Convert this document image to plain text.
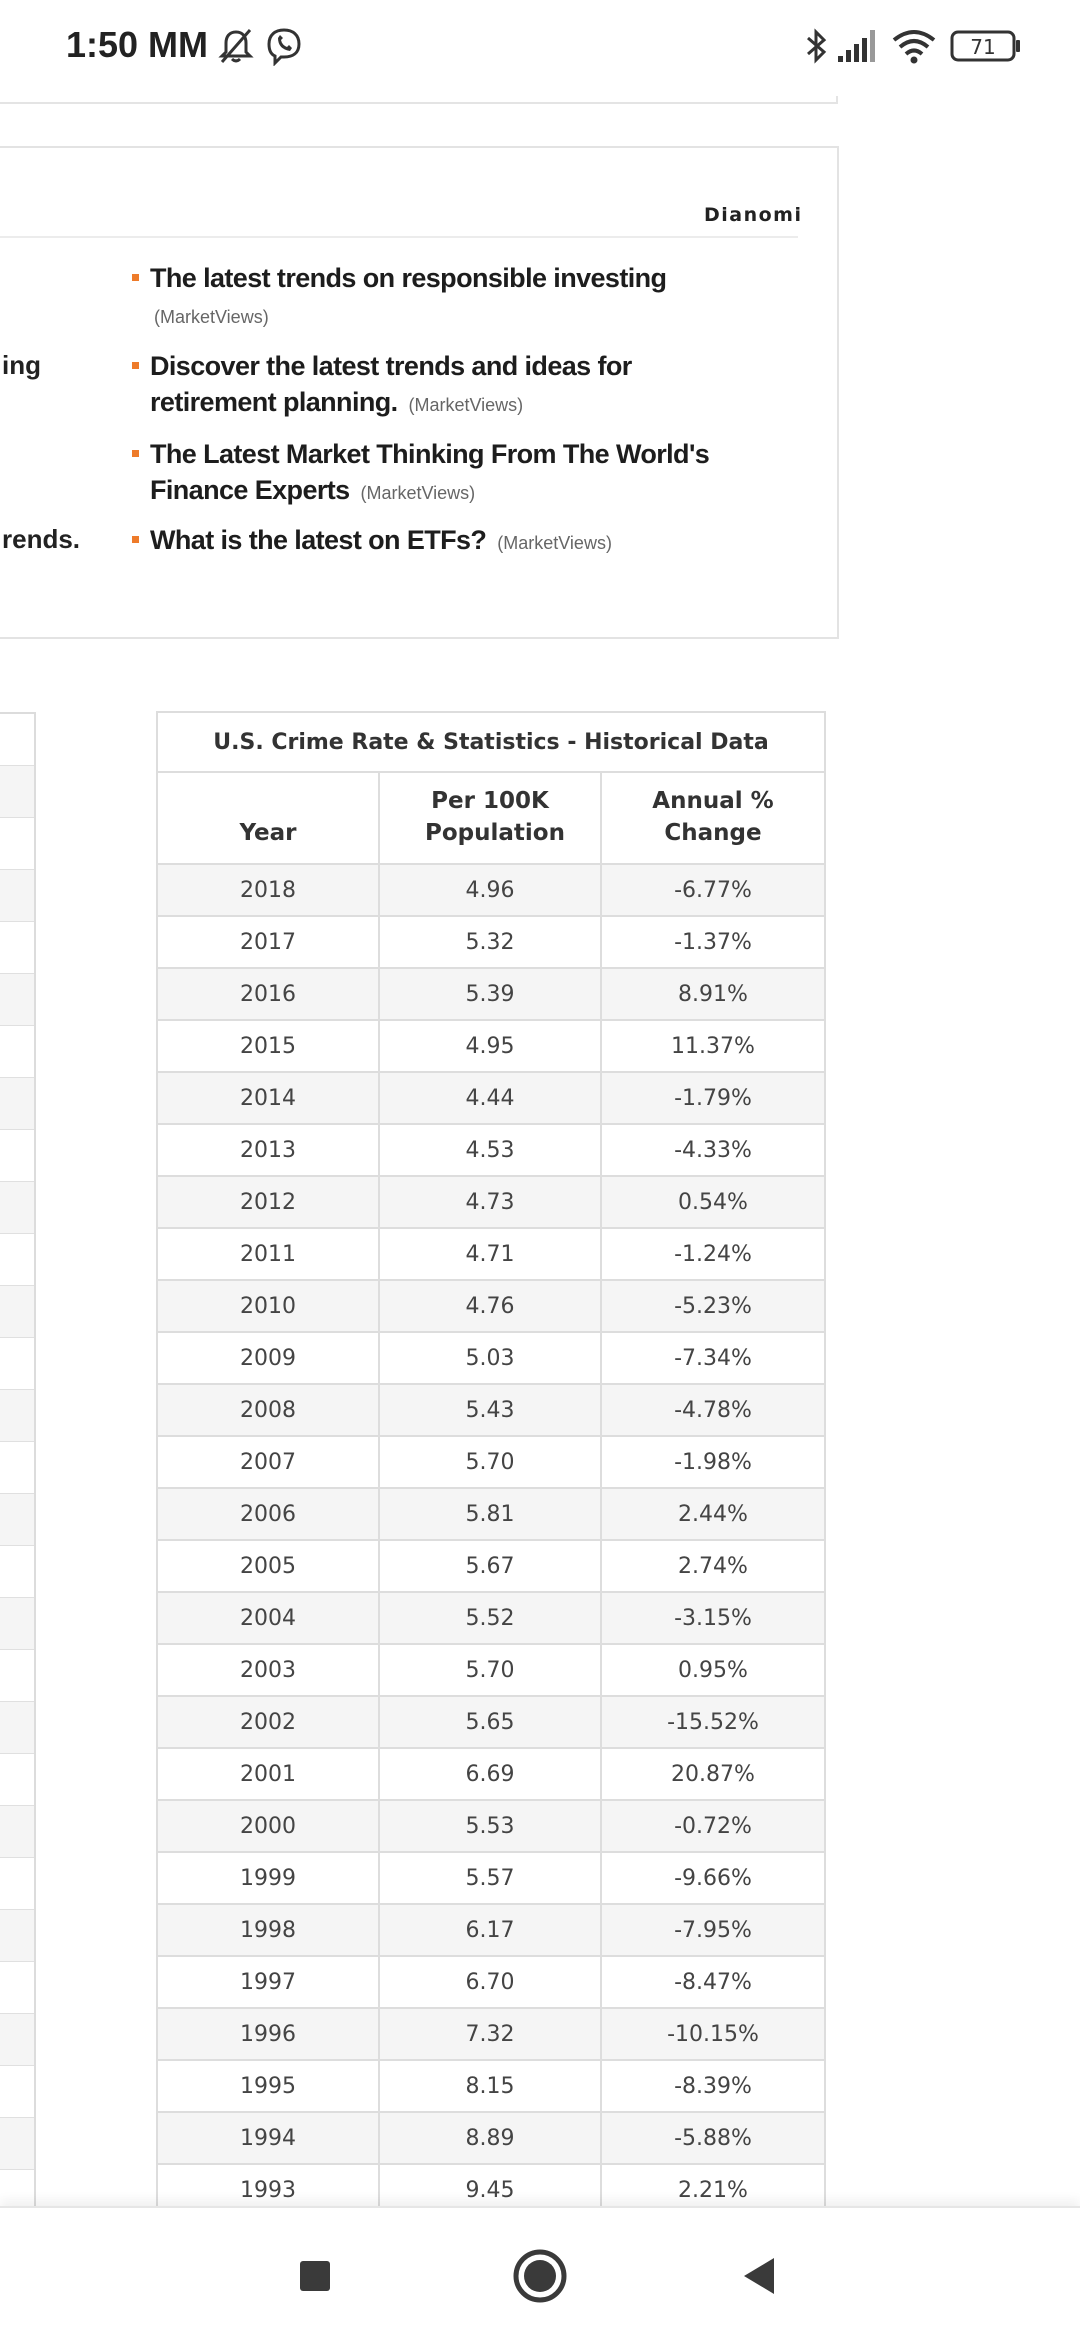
1:50 MM	71
Dianomi
ing
rends.
The latest trends on responsible investing (MarketViews)
Discover the latest trends and ideas for retirement planning. (MarketViews)
The Latest Market Thinking From The World's Finance Experts (MarketViews)
What is the latest on ETFs? (MarketViews)
U.S. Crime Rate & Statistics - Historical Data		
Year	Per 100K Population	Annual % Change
2018	4.96	-6.77%
2017	5.32	-1.37%
2016	5.39	8.91%
2015	4.95	11.37%
2014	4.44	-1.79%
2013	4.53	-4.33%
2012	4.73	0.54%
2011	4.71	-1.24%
2010	4.76	-5.23%
2009	5.03	-7.34%
2008	5.43	-4.78%
2007	5.70	-1.98%
2006	5.81	2.44%
2005	5.67	2.74%
2004	5.52	-3.15%
2003	5.70	0.95%
2002	5.65	-15.52%
2001	6.69	20.87%
2000	5.53	-0.72%
1999	5.57	-9.66%
1998	6.17	-7.95%
1997	6.70	-8.47%
1996	7.32	-10.15%
1995	8.15	-8.39%
1994	8.89	-5.88%
1993	9.45	2.21%
